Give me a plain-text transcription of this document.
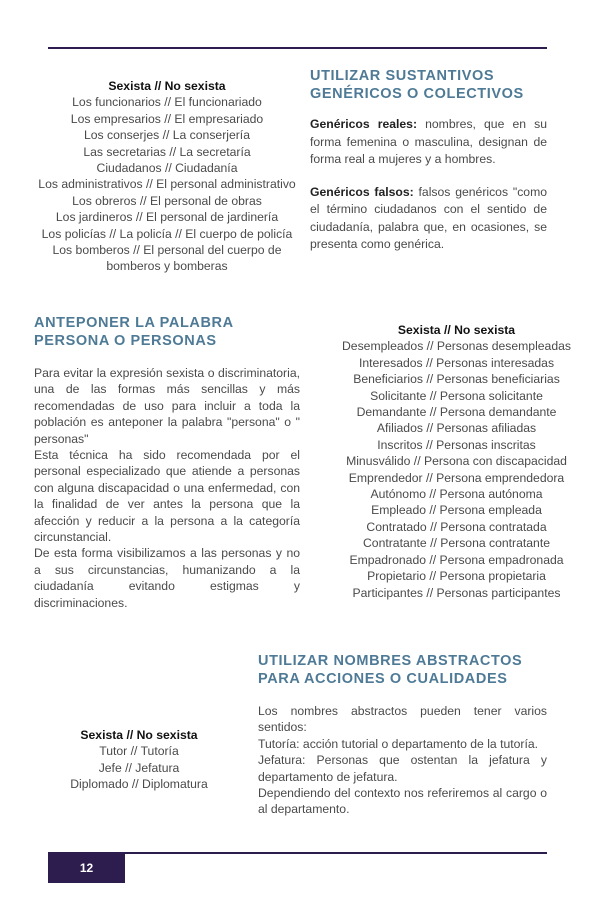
Sexista // No sexista
Los funcionarios // El funcionariado
Los empresarios // El empresariado
Los conserjes // La conserjería
Las secretarias // La secretaría
Ciudadanos // Ciudadanía
Los administrativos // El personal administrativo
Los obreros // El personal de obras
Los jardineros // El personal de jardinería
Los policías // La policía // El cuerpo de policía
Los bomberos // El personal del cuerpo de
bomberos y bomberas
UTILIZAR SUSTANTIVOS
GENÉRICOS O COLECTIVOS

Genéricos reales: nombres, que en su forma femenina o masculina, designan de forma real a mujeres y a hombres.

Genéricos falsos: falsos genéricos "como el término ciudadanos con el sentido de ciudadanía, palabra que, en ocasiones, se presenta como genérica.

ANTEPONER LA PALABRA
PERSONA O PERSONAS
Para evitar la expresión sexista o discriminatoria, una de las formas más sencillas y más recomendadas de uso para incluir a toda la población es anteponer la palabra "persona" o " personas"
Esta técnica ha sido recomendada por el personal especializado que atiende a personas con alguna discapacidad o una enfermedad, con la finalidad de ver antes la persona que la afección y reducir a la persona a la categoría circunstancial.
De esta forma visibilizamos a las personas y no a sus circunstancias, humanizando a la ciudadanía evitando estigmas y discriminaciones.
Sexista // No sexista
Desempleados // Personas desempleadas
Interesados // Personas interesadas
Beneficiarios // Personas beneficiarias
Solicitante // Persona solicitante
Demandante // Persona demandante
Afiliados // Personas afiliadas
Inscritos // Personas inscritas
Minusválido // Persona con discapacidad
Emprendedor // Persona emprendedora
Autónomo // Persona autónoma
Empleado // Persona empleada
Contratado // Persona contratada
Contratante // Persona contratante
Empadronado // Persona empadronada
Propietario // Persona propietaria
Participantes // Personas participantes
UTILIZAR NOMBRES ABSTRACTOS
PARA ACCIONES O CUALIDADES
Los nombres abstractos pueden tener varios sentidos:
Tutoría: acción tutorial o departamento de la tutoría.
Jefatura: Personas que ostentan la jefatura y departamento de jefatura.
Dependiendo del contexto nos referiremos al cargo o al departamento.
Sexista // No sexista
Tutor // Tutoría
Jefe // Jefatura
Diplomado // Diplomatura
12
